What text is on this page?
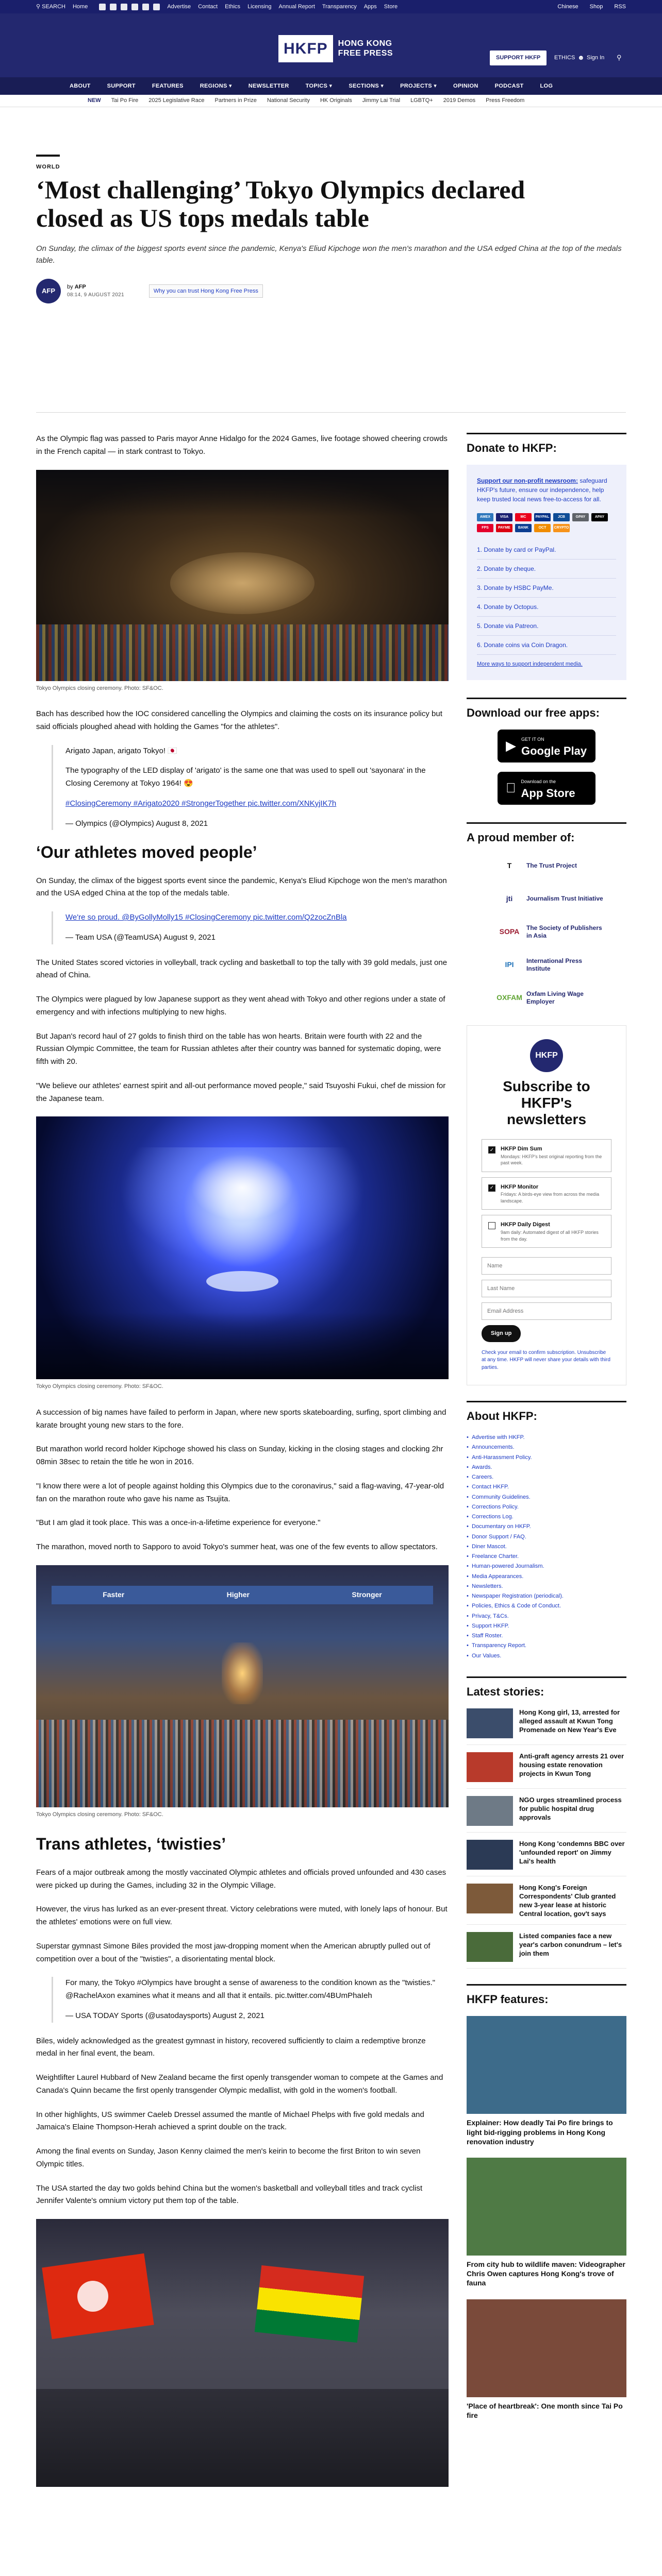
⚲ SEARCH Home	Advertise Contact Ethics Licensing Annual Report Transparency Apps Store	Chinese Shop RSS
HKFP	HONG KONG
FREE PRESS
SUPPORT HKFP	ETHICS ☻ Sign In ⚲
ABOUT	SUPPORT	FEATURES	REGIONS ▾	NEWSLETTER	TOPICS ▾	SECTIONS ▾	PROJECTS ▾	OPINION	PODCAST	LOG
NEW Tai Po Fire 2025 Legislative Race Partners in Prize National Security HK Originals Jimmy Lai Trial LGBTQ+ 2019 Demos Press Freedom
WORLD
‘Most challenging’ Tokyo Olympics declared closed as US tops medals table

On Sunday, the climax of the biggest sports event since the pandemic, Kenya's Eliud Kipchoge won the men's marathon and the USA edged China at the top of the medals table.

AFP	by AFP
08:14, 9 AUGUST 2021
Why you can trust Hong Kong Free Press

As the Olympic flag was passed to Paris mayor Anne Hidalgo for the 2024 Games, live footage showed cheering crowds in the French capital — in stark contrast to Tokyo.

Tokyo Olympics closing ceremony. Photo: SF&OC.

Bach has described how the IOC considered cancelling the Olympics and claiming the costs on its insurance policy but said officials ploughed ahead with holding the Games "for the athletes".

Arigato Japan, arigato Tokyo! 🇯🇵

The typography of the LED display of 'arigato' is the same one that was used to spell out 'sayonara' in the Closing Ceremony at Tokyo 1964! 😍

#ClosingCeremony #Arigato2020 #StrongerTogether pic.twitter.com/XNKyjIK7h

— Olympics (@Olympics) August 8, 2021

‘Our athletes moved people’

On Sunday, the climax of the biggest sports event since the pandemic, Kenya's Eliud Kipchoge won the men's marathon and the USA edged China at the top of the medals table.

We're so proud. @ByGollyMolly15 #ClosingCeremony pic.twitter.com/Q2zocZnBla

— Team USA (@TeamUSA) August 9, 2021

The United States scored victories in volleyball, track cycling and basketball to top the tally with 39 gold medals, just one ahead of China.

The Olympics were plagued by low Japanese support as they went ahead with Tokyo and other regions under a state of emergency and with infections multiplying to new highs.

But Japan's record haul of 27 golds to finish third on the table has won hearts. Britain were fourth with 22 and the Russian Olympic Committee, the team for Russian athletes after their country was banned for systematic doping, were fifth with 20.

"We believe our athletes' earnest spirit and all-out performance moved people," said Tsuyoshi Fukui, chef de mission for the Japanese team.

Tokyo Olympics closing ceremony. Photo: SF&OC.

A succession of big names have failed to perform in Japan, where new sports skateboarding, surfing, sport climbing and karate brought young new stars to the fore.

But marathon world record holder Kipchoge showed his class on Sunday, kicking in the closing stages and clocking 2hr 08min 38sec to retain the title he won in 2016.

"I know there were a lot of people against holding this Olympics due to the coronavirus," said a flag-waving, 47-year-old fan on the marathon route who gave his name as Tsujita.

"But I am glad it took place. This was a once-in-a-lifetime experience for everyone."

The marathon, moved north to Sapporo to avoid Tokyo's summer heat, was one of the few events to allow spectators.

Faster	Higher	Stronger
Tokyo Olympics closing ceremony. Photo: SF&OC.
Trans athletes, ‘twisties’

Fears of a major outbreak among the mostly vaccinated Olympic athletes and officials proved unfounded and 430 cases were picked up during the Games, including 32 in the Olympic Village.

However, the virus has lurked as an ever-present threat. Victory celebrations were muted, with lonely laps of honour. But the athletes' emotions were on full view.

Superstar gymnast Simone Biles provided the most jaw-dropping moment when the American abruptly pulled out of competition over a bout of the "twisties", a disorientating mental block.

For many, the Tokyo #Olympics have brought a sense of awareness to the condition known as the "twisties." @RachelAxon examines what it means and all that it entails. pic.twitter.com/4BUmPhaIeh

— USA TODAY Sports (@usatodaysports) August 2, 2021

Biles, widely acknowledged as the greatest gymnast in history, recovered sufficiently to claim a redemptive bronze medal in her final event, the beam.

Weightlifter Laurel Hubbard of New Zealand became the first openly transgender woman to compete at the Games and Canada's Quinn became the first openly transgender Olympic medallist, with gold in the women's football.

In other highlights, US swimmer Caeleb Dressel assumed the mantle of Michael Phelps with five gold medals and Jamaica's Elaine Thompson-Herah achieved a sprint double on the track.

Among the final events on Sunday, Jason Kenny claimed the men's keirin to become the first Briton to win seven Olympic titles.

The USA started the day two golds behind China but the women's basketball and volleyball titles and track cyclist Jennifer Valente's omnium victory put them top of the table.

Donate to HKFP:
Support our non-profit newsroom: safeguard HKFP's future, ensure our independence, help keep trusted local news free-to-access for all.
AMEX	VISA	MC	PAYPAL	JCB	GPAY	APAY
FPS	PAYME	BANK	OCT	CRYPTO
1. Donate by card or PayPal.
2. Donate by cheque.
3. Donate by HSBC PayMe.
4. Donate by Octopus.
5. Donate via Patreon.
6. Donate coins via Coin Dragon.
More ways to support independent media.
Download our free apps:
▶ GET IT ON
Google Play
Download on the
App Store
A proud member of:
T	The Trust Project
jti	Journalism Trust Initiative
SOPA	The Society of Publishers in Asia
IPI	International Press Institute
OXFAM Oxfam Living Wage Employer
HKFP
Subscribe to HKFP's newsletters
✓ HKFP Dim Sum
Mondays: HKFP's best original reporting from the past week.
✓ HKFP Monitor
Fridays: A birds-eye view from across the media landscape.
HKFP Daily Digest
9am daily: Automated digest of all HKFP stories from the day.
Name Last Name Email Address Sign up
Check your email to confirm subscription. Unsubscribe at any time. HKFP will never share your details with third parties.
About HKFP:
• Advertise with HKFP.
• Announcements.
• Anti-Harassment Policy.
• Awards.
• Careers.
• Contact HKFP.
• Community Guidelines.
• Corrections Policy.
• Corrections Log.
• Documentary on HKFP.
• Donor Support / FAQ.
• Diner Mascot.
• Freelance Charter.
• Human-powered Journalism.
• Media Appearances.
• Newsletters.
• Newspaper Registration (periodical).
• Policies, Ethics & Code of Conduct.
• Privacy, T&Cs.
• Support HKFP.
• Staff Roster.
• Transparency Report.
• Our Values.
Latest stories:
Hong Kong girl, 13, arrested for alleged assault at Kwun Tong Promenade on New Year's Eve
Anti-graft agency arrests 21 over housing estate renovation projects in Kwun Tong
NGO urges streamlined process for public hospital drug approvals
Hong Kong 'condemns BBC over 'unfounded report' on Jimmy Lai's health
Hong Kong's Foreign Correspondents' Club granted new 3-year lease at historic Central location, gov't says
Listed companies face a new year's carbon conundrum – let's join them
HKFP features:
Explainer: How deadly Tai Po fire brings to light bid-rigging problems in Hong Kong renovation industry
From city hub to wildlife maven: Videographer Chris Owen captures Hong Kong's trove of fauna
'Place of heartbreak': One month since Tai Po fire
